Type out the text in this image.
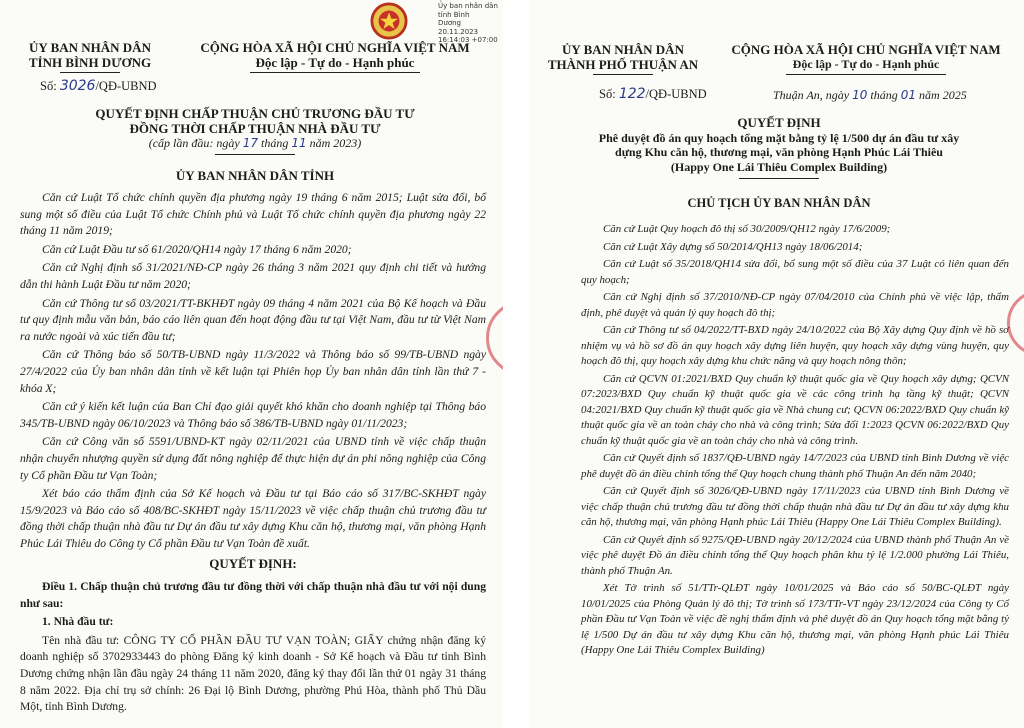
Ủy ban nhân dân tỉnh Bình
Dương
20.11.2023 16:14:03 +07:00
ỦY BAN NHÂN DÂN
TỈNH BÌNH DƯƠNG
CỘNG HÒA XÃ HỘI CHỦ NGHĨA VIỆT NAM
Độc lập - Tự do - Hạnh phúc
Số: 3026/QĐ-UBND
QUYẾT ĐỊNH CHẤP THUẬN CHỦ TRƯƠNG ĐẦU TƯ
ĐỒNG THỜI CHẤP THUẬN NHÀ ĐẦU TƯ
(cấp lần đầu: ngày 17 tháng 11 năm 2023)
ỦY BAN NHÂN DÂN TỈNH

Căn cứ Luật Tổ chức chính quyền địa phương ngày 19 tháng 6 năm 2015; Luật sửa đổi, bổ sung một số điều của Luật Tổ chức Chính phủ và Luật Tổ chức chính quyền địa phương ngày 22 tháng 11 năm 2019;

Căn cứ Luật Đầu tư số 61/2020/QH14 ngày 17 tháng 6 năm 2020;

Căn cứ Nghị định số 31/2021/NĐ-CP ngày 26 tháng 3 năm 2021 quy định chi tiết và hướng dẫn thi hành Luật Đầu tư năm 2020;

Căn cứ Thông tư số 03/2021/TT-BKHĐT ngày 09 tháng 4 năm 2021 của Bộ Kế hoạch và Đầu tư quy định mẫu văn bản, báo cáo liên quan đến hoạt động đầu tư tại Việt Nam, đầu tư từ Việt Nam ra nước ngoài và xúc tiến đầu tư;

Căn cứ Thông báo số 50/TB-UBND ngày 11/3/2022 và Thông báo số 99/TB-UBND ngày 27/4/2022 của Ủy ban nhân dân tỉnh về kết luận tại Phiên họp Ủy ban nhân dân tỉnh lần thứ 7 - khóa X;

Căn cứ ý kiến kết luận của Ban Chỉ đạo giải quyết khó khăn cho doanh nghiệp tại Thông báo 345/TB-UBND ngày 06/10/2023 và Thông báo số 386/TB-UBND ngày 01/11/2023;

Căn cứ Công văn số 5591/UBND-KT ngày 02/11/2021 của UBND tỉnh về việc chấp thuận nhận chuyển nhượng quyền sử dụng đất nông nghiệp để thực hiện dự án phi nông nghiệp của Công ty Cổ phần Đầu tư Vạn Toàn;

Xét báo cáo thẩm định của Sở Kế hoạch và Đầu tư tại Báo cáo số 317/BC-SKHĐT ngày 15/9/2023 và Báo cáo số 408/BC-SKHĐT ngày 15/11/2023 về việc chấp thuận chủ trương đầu tư đồng thời chấp thuận nhà đầu tư Dự án đầu tư xây dựng Khu căn hộ, thương mại, văn phòng Hạnh Phúc Lái Thiêu do Công ty Cổ phần Đầu tư Vạn Toàn đề xuất.

QUYẾT ĐỊNH:

Điều 1. Chấp thuận chủ trương đầu tư đồng thời với chấp thuận nhà đầu tư với nội dung như sau:

1. Nhà đầu tư:

Tên nhà đầu tư: CÔNG TY CỔ PHẦN ĐẦU TƯ VẠN TOÀN; GIẤY chứng nhận đăng ký doanh nghiệp số 3702933443 do phòng Đăng ký kinh doanh - Sở Kế hoạch và Đầu tư tỉnh Bình Dương chứng nhận lần đầu ngày 24 tháng 11 năm 2020, đăng ký thay đổi lần thứ 01 ngày 31 tháng 8 năm 2022. Địa chỉ trụ sở chính: 26 Đại lộ Bình Dương, phường Phú Hòa, thành phố Thủ Dầu Một, tỉnh Bình Dương.

ỦY BAN NHÂN DÂN
THÀNH PHỐ THUẬN AN
CỘNG HÒA XÃ HỘI CHỦ NGHĨA VIỆT NAM
Độc lập - Tự do - Hạnh phúc
Số: 122/QĐ-UBND	Thuận An, ngày 10 tháng 01 năm 2025
QUYẾT ĐỊNH
Phê duyệt đồ án quy hoạch tổng mặt bằng tỷ lệ 1/500 dự án đầu tư xây
dựng Khu căn hộ, thương mại, văn phòng Hạnh Phúc Lái Thiêu
(Happy One Lái Thiêu Complex Building)
CHỦ TỊCH ỦY BAN NHÂN DÂN

Căn cứ Luật Quy hoạch đô thị số 30/2009/QH12 ngày 17/6/2009;

Căn cứ Luật Xây dựng số 50/2014/QH13 ngày 18/06/2014;

Căn cứ Luật số 35/2018/QH14 sửa đổi, bổ sung một số điều của 37 Luật có liên quan đến quy hoạch;

Căn cứ Nghị định số 37/2010/NĐ-CP ngày 07/04/2010 của Chính phủ về việc lập, thẩm định, phê duyệt và quản lý quy hoạch đô thị;

Căn cứ Thông tư số 04/2022/TT-BXD ngày 24/10/2022 của Bộ Xây dựng Quy định về hồ sơ nhiệm vụ và hồ sơ đồ án quy hoạch xây dựng liên huyện, quy hoạch xây dựng vùng huyện, quy hoạch đô thị, quy hoạch xây dựng khu chức năng và quy hoạch nông thôn;

Căn cứ QCVN 01:2021/BXD Quy chuẩn kỹ thuật quốc gia về Quy hoạch xây dựng; QCVN 07:2023/BXD Quy chuẩn kỹ thuật quốc gia về các công trình hạ tầng kỹ thuật; QCVN 04:2021/BXD Quy chuẩn kỹ thuật quốc gia về Nhà chung cư; QCVN 06:2022/BXD Quy chuẩn kỹ thuật quốc gia về an toàn cháy cho nhà và công trình; Sửa đổi 1:2023 QCVN 06:2022/BXD Quy chuẩn kỹ thuật quốc gia về an toàn cháy cho nhà và công trình.

Căn cứ Quyết định số 1837/QĐ-UBND ngày 14/7/2023 của UBND tỉnh Bình Dương về việc phê duyệt đồ án điều chỉnh tổng thể Quy hoạch chung thành phố Thuận An đến năm 2040;

Căn cứ Quyết định số 3026/QĐ-UBND ngày 17/11/2023 của UBND tỉnh Bình Dương về việc chấp thuận chủ trương đầu tư đồng thời chấp thuận nhà đầu tư Dự án đầu tư xây dựng khu căn hộ, thương mại, văn phòng Hạnh phúc Lái Thiêu (Happy One Lái Thiêu Complex Building).

Căn cứ Quyết định số 9275/QĐ-UBND ngày 20/12/2024 của UBND thành phố Thuận An về việc phê duyệt Đồ án điều chỉnh tổng thể Quy hoạch phân khu tỷ lệ 1/2.000 phường Lái Thiêu, thành phố Thuận An.

Xét Tờ trình số 51/TTr-QLĐT ngày 10/01/2025 và Báo cáo số 50/BC-QLĐT ngày 10/01/2025 của Phòng Quản lý đô thị; Tờ trình số 173/TTr-VT ngày 23/12/2024 của Công ty Cổ phần Đầu tư Vạn Toàn về việc đề nghị thẩm định và phê duyệt đồ án Quy hoạch tổng mặt bằng tỷ lệ 1/500 Dự án đầu tư xây dựng Khu căn hộ, thương mại, văn phòng Hạnh phúc Lái Thiêu (Happy One Lái Thiêu Complex Building)
